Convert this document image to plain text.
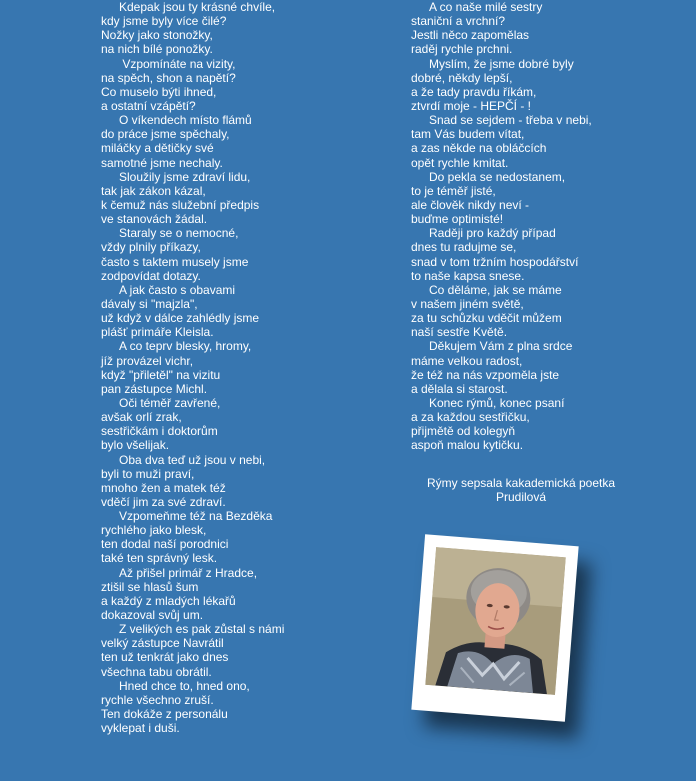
Kdepak jsou ty krásné chvíle,
kdy jsme byly více čilé?
Nožky jako stonožky,
na nich bílé ponožky.
Vzpomínáte na vizity,
na spěch, shon a napětí?
Co muselo býti ihned,
a ostatní vzápětí?
O víkendech místo flámů
do práce jsme spěchaly,
miláčky a dětičky své
samotné jsme nechaly.
Sloužily jsme zdraví lidu,
tak jak zákon kázal,
k čemuž nás služební předpis
ve stanovách žádal.
Staraly se o nemocné,
vždy plnily příkazy,
často s taktem musely jsme
zodpovídat dotazy.
A jak často s obavami
dávaly si "majzla",
už když v dálce zahlédly jsme
plášť primáře Kleisla.
A co teprv blesky, hromy,
jíž provázel vichr,
když "přiletěl" na vizitu
pan zástupce Michl.
Oči téměř zavřené,
avšak orlí zrak,
sestřičkám i doktorům
bylo všelijak.
Oba dva teď už jsou v nebi,
byli to muži praví,
mnoho žen a matek též
vděčí jim za své zdraví.
Vzpomeňme též na Bezděka
rychlého jako blesk,
ten dodal naší porodnici
také ten správný lesk.
Až přišel primář z Hradce,
ztišil se hlasů šum
a každý z mladých lékařů
dokazoval svůj um.
Z velikých es pak zůstal s námi
velký zástupce Navrátil
ten už tenkrát jako dnes
všechna tabu obrátil.
Hned chce to, hned ono,
rychle všechno zruší.
Ten dokáže z personálu
vyklepat i duši.
A co naše milé sestry
staniční a vrchní?
Jestli něco zapomělas
raděj rychle prchni.
Myslím, že jsme dobré byly
dobré, někdy lepší,
a že tady pravdu říkám,
ztvrdí moje - HEPČÍ - !
Snad se sejdem - třeba v nebi,
tam Vás budem vítat,
a zas někde na obláčcích
opět rychle kmitat.
Do pekla se nedostanem,
to je téměř jisté,
ale člověk nikdy neví -
buďme optimisté!
Raději pro každý případ
dnes tu radujme se,
snad v tom tržním hospodářství
to naše kapsa snese.
Co děláme, jak se máme
v našem jiném světě,
za tu schůzku vděčit můžem
naší sestře Květě.
Děkujem Vám z plna srdce
máme velkou radost,
že též na nás vzpoměla jste
a dělala si starost.
Konec rýmů, konec psaní
a za každou sestřičku,
přijmětě od kolegyň
aspoň malou kytičku.
Rýmy sepsala kakademická poetka
Prudilová
